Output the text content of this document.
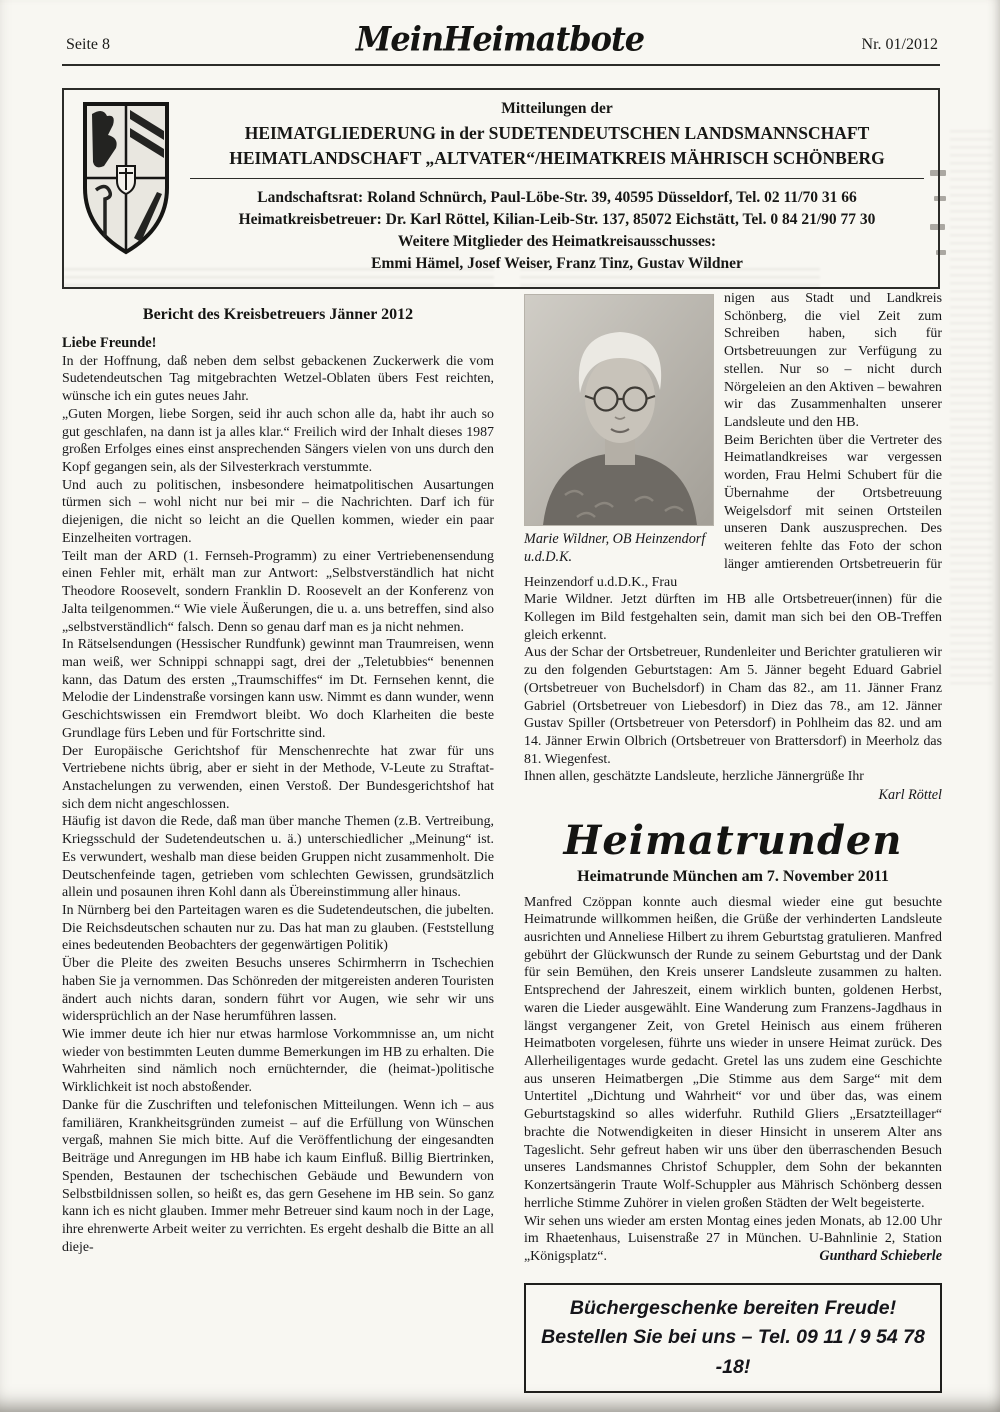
Seite 8	MeinHeimatbote	Nr. 01/2012
Mitteilungen der
HEIMATGLIEDERUNG in der SUDETENDEUTSCHEN LANDSMANNSCHAFT
HEIMATLANDSCHAFT „ALTVATER“/HEIMATKREIS MÄHRISCH SCHÖNBERG
Landschaftsrat: Roland Schnürch, Paul-Löbe-Str. 39, 40595 Düsseldorf, Tel. 02 11/70 31 66
Heimatkreisbetreuer: Dr. Karl Röttel, Kilian-Leib-Str. 137, 85072 Eichstätt, Tel. 0 84 21/90 77 30
Weitere Mitglieder des Heimatkreisausschusses:
Emmi Hämel, Josef Weiser, Franz Tinz, Gustav Wildner
Bericht des Kreisbetreuers Jänner 2012
Liebe Freunde!
In der Hoffnung, daß neben dem selbst gebackenen Zuckerwerk die vom Sudetendeutschen Tag mitgebrachten Wetzel-Oblaten übers Fest reichten, wünsche ich ein gutes neues Jahr.
„Guten Morgen, liebe Sorgen, seid ihr auch schon alle da, habt ihr auch so gut geschlafen, na dann ist ja alles klar.“ Freilich wird der Inhalt dieses 1987 großen Erfolges eines einst ansprechenden Sängers vielen von uns durch den Kopf gegangen sein, als der Silvesterkrach verstummte.
Und auch zu politischen, insbesondere heimatpolitischen Ausartungen türmen sich – wohl nicht nur bei mir – die Nachrichten. Darf ich für diejenigen, die nicht so leicht an die Quellen kommen, wieder ein paar Einzelheiten vortragen.
Teilt man der ARD (1. Fernseh-Programm) zu einer Vertriebenensendung einen Fehler mit, erhält man zur Antwort: „Selbstverständlich hat nicht Theodore Roosevelt, sondern Franklin D. Roosevelt an der Konferenz von Jalta teilgenommen.“ Wie viele Äußerungen, die u. a. uns betreffen, sind also „selbstverständlich“ falsch. Denn so genau darf man es ja nicht nehmen.
In Rätselsendungen (Hessischer Rundfunk) gewinnt man Traumreisen, wenn man weiß, wer Schnippi schnappi sagt, drei der „Teletubbies“ benennen kann, das Datum des ersten „Traumschiffes“ im Dt. Fernsehen kennt, die Melodie der Lindenstraße vorsingen kann usw. Nimmt es dann wunder, wenn Geschichtswissen ein Fremdwort bleibt. Wo doch Klarheiten die beste Grundlage fürs Leben und für Fortschritte sind.
Der Europäische Gerichtshof für Menschenrechte hat zwar für uns Vertriebene nichts übrig, aber er sieht in der Methode, V-Leute zu Straftat-Anstachelungen zu verwenden, einen Verstoß. Der Bundesgerichtshof hat sich dem nicht angeschlossen.
Häufig ist davon die Rede, daß man über manche Themen (z.B. Vertreibung, Kriegsschuld der Sudetendeutschen u. ä.) unterschiedlicher „Meinung“ ist. Es verwundert, weshalb man diese beiden Gruppen nicht zusammenholt. Die Deutschenfeinde tagen, getrieben vom schlechten Gewissen, grundsätzlich allein und posaunen ihren Kohl dann als Übereinstimmung aller hinaus.
In Nürnberg bei den Parteitagen waren es die Sudetendeutschen, die jubelten. Die Reichsdeutschen schauten nur zu. Das hat man zu glauben. (Feststellung eines bedeutenden Beobachters der gegenwärtigen Politik)
Über die Pleite des zweiten Besuchs unseres Schirmherrn in Tschechien haben Sie ja vernommen. Das Schönreden der mitgereisten anderen Touristen ändert auch nichts daran, sondern führt vor Augen, wie sehr wir uns widersprüchlich an der Nase herumführen lassen.
Wie immer deute ich hier nur etwas harmlose Vorkommnisse an, um nicht wieder von bestimmten Leuten dumme Bemerkungen im HB zu erhalten. Die Wahrheiten sind nämlich noch ernüchternder, die (heimat-)politische Wirklichkeit ist noch abstoßender.
Danke für die Zuschriften und telefonischen Mitteilungen. Wenn ich – aus familiären, Krankheitsgründen zumeist – auf die Erfüllung von Wünschen vergaß, mahnen Sie mich bitte. Auf die Veröffentlichung der eingesandten Beiträge und Anregungen im HB habe ich kaum Einfluß. Billig Biertrinken, Spenden, Bestaunen der tschechischen Gebäude und Bewundern von Selbstbildnissen sollen, so heißt es, das gern Gesehene im HB sein. So ganz kann ich es nicht glauben. Immer mehr Betreuer sind kaum noch in der Lage, ihre ehrenwerte Arbeit weiter zu verrichten. Es ergeht deshalb die Bitte an all dieje-
Marie Wildner, OB Heinzendorf u.d.D.K.
nigen aus Stadt und Landkreis Schönberg, die viel Zeit zum Schreiben haben, sich für Ortsbetreuungen zur Verfügung zu stellen. Nur so – nicht durch Nörgeleien an den Aktiven – bewahren wir das Zusammenhalten unserer Landsleute und den HB.
Beim Berichten über die Vertreter des Heimatlandkreises war vergessen worden, Frau Helmi Schubert für die Übernahme der Ortsbetreuung Weigelsdorf mit seinen Ortsteilen unseren Dank auszusprechen. Des weiteren fehlte das Foto der schon länger amtierenden Ortsbetreuerin für Heinzendorf u.d.D.K., Frau
Marie Wildner. Jetzt dürften im HB alle Ortsbetreuer(innen) für die Kollegen im Bild festgehalten sein, damit man sich bei den OB-Treffen gleich erkennt.
Aus der Schar der Ortsbetreuer, Rundenleiter und Berichter gratulieren wir zu den folgenden Geburtstagen: Am 5. Jänner begeht Eduard Gabriel (Ortsbetreuer von Buchelsdorf) in Cham das 82., am 11. Jänner Franz Gabriel (Ortsbetreuer von Liebesdorf) in Diez das 78., am 12. Jänner Gustav Spiller (Ortsbetreuer von Petersdorf) in Pohlheim das 82. und am 14. Jänner Erwin Olbrich (Ortsbetreuer von Brattersdorf) in Meerholz das 81. Wiegenfest.
Ihnen allen, geschätzte Landsleute, herzliche Jännergrüße Ihr
Karl Röttel
Heimatrunden
Heimatrunde München am 7. November 2011
Manfred Czöppan konnte auch diesmal wieder eine gut besuchte Heimatrunde willkommen heißen, die Grüße der verhinderten Landsleute ausrichten und Anneliese Hilbert zu ihrem Geburtstag gratulieren. Manfred gebührt der Glückwunsch der Runde zu seinem Geburtstag und der Dank für sein Bemühen, den Kreis unserer Landsleute zusammen zu halten. Entsprechend der Jahreszeit, einem wirklich bunten, goldenen Herbst, waren die Lieder ausgewählt. Eine Wanderung zum Franzens-Jagdhaus in längst vergangener Zeit, von Gretel Heinisch aus einem früheren Heimatboten vorgelesen, führte uns wieder in unsere Heimat zurück. Des Allerheiligentages wurde gedacht. Gretel las uns zudem eine Geschichte aus unseren Heimatbergen „Die Stimme aus dem Sarge“ mit dem Untertitel „Dichtung und Wahrheit“ vor und über das, was einem Geburtstagskind so alles widerfuhr. Ruthild Gliers „Ersatzteillager“ brachte die Notwendigkeiten in dieser Hinsicht in unserem Alter ans Tageslicht. Sehr gefreut haben wir uns über den überraschenden Besuch unseres Landsmannes Christof Schuppler, dem Sohn der bekannten Konzertsängerin Traute Wolf-Schuppler aus Mährisch Schönberg dessen herrliche Stimme Zuhörer in vielen großen Städten der Welt begeisterte.
Wir sehen uns wieder am ersten Montag eines jeden Monats, ab 12.00 Uhr im Rhaetenhaus, Luisenstraße 27 in München. U-Bahnlinie 2, Station „Königsplatz“.	Gunthard Schieberle
Büchergeschenke bereiten Freude!
Bestellen Sie bei uns – Tel. 09 11 / 9 54 78 -18!
